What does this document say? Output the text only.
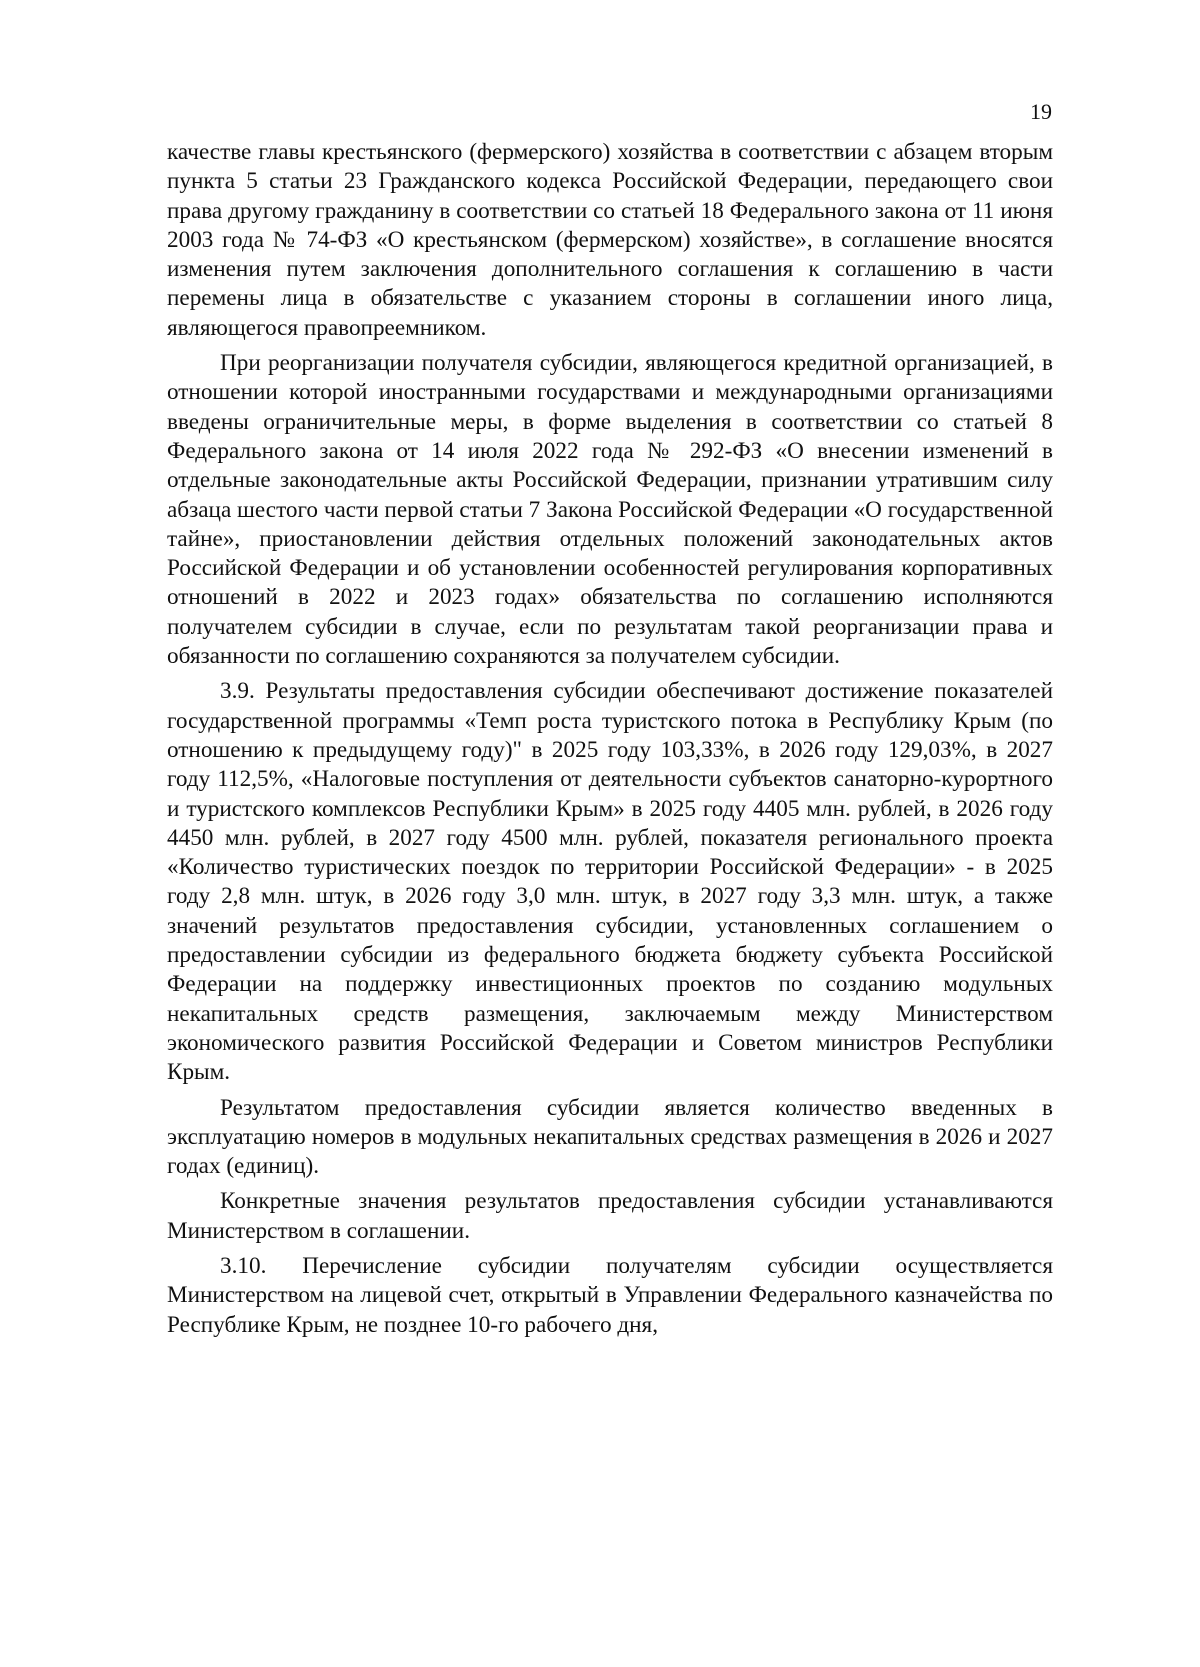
19

качестве главы крестьянского (фермерского) хозяйства в соответствии с абзацем вторым пункта 5 статьи 23 Гражданского кодекса Российской Федерации, передающего свои права другому гражданину в соответствии со статьей 18 Федерального закона от 11 июня 2003 года № 74-ФЗ «О крестьянском (фермерском) хозяйстве», в соглашение вносятся изменения путем заключения дополнительного соглашения к соглашению в части перемены лица в обязательстве с указанием стороны в соглашении иного лица, являющегося правопреемником.

При реорганизации получателя субсидии, являющегося кредитной организацией, в отношении которой иностранными государствами и международными организациями введены ограничительные меры, в форме выделения в соответствии со статьей 8 Федерального закона от 14 июля 2022 года № 292-ФЗ «О внесении изменений в отдельные законодательные акты Российской Федерации, признании утратившим силу абзаца шестого части первой статьи 7 Закона Российской Федерации «О государственной тайне», приостановлении действия отдельных положений законодательных актов Российской Федерации и об установлении особенностей регулирования корпоративных отношений в 2022 и 2023 годах» обязательства по соглашению исполняются получателем субсидии в случае, если по результатам такой реорганизации права и обязанности по соглашению сохраняются за получателем субсидии.

3.9. Результаты предоставления субсидии обеспечивают достижение показателей государственной программы «Темп роста туристского потока в Республику Крым (по отношению к предыдущему году)" в 2025 году 103,33%, в 2026 году 129,03%, в 2027 году 112,5%, «Налоговые поступления от деятельности субъектов санаторно-курортного и туристского комплексов Республики Крым» в 2025 году 4405 млн. рублей, в 2026 году 4450 млн. рублей, в 2027 году 4500 млн. рублей, показателя регионального проекта «Количество туристических поездок по территории Российской Федерации» - в 2025 году 2,8 млн. штук, в 2026 году 3,0 млн. штук, в 2027 году 3,3 млн. штук, а также значений результатов предоставления субсидии, установленных соглашением о предоставлении субсидии из федерального бюджета бюджету субъекта Российской Федерации на поддержку инвестиционных проектов по созданию модульных некапитальных средств размещения, заключаемым между Министерством экономического развития Российской Федерации и Советом министров Республики Крым.

Результатом предоставления субсидии является количество введенных в эксплуатацию номеров в модульных некапитальных средствах размещения в 2026 и 2027 годах (единиц).

Конкретные значения результатов предоставления субсидии устанавливаются Министерством в соглашении.

3.10. Перечисление субсидии получателям субсидии осуществляется Министерством на лицевой счет, открытый в Управлении Федерального казначейства по Республике Крым, не позднее 10-го рабочего дня,
